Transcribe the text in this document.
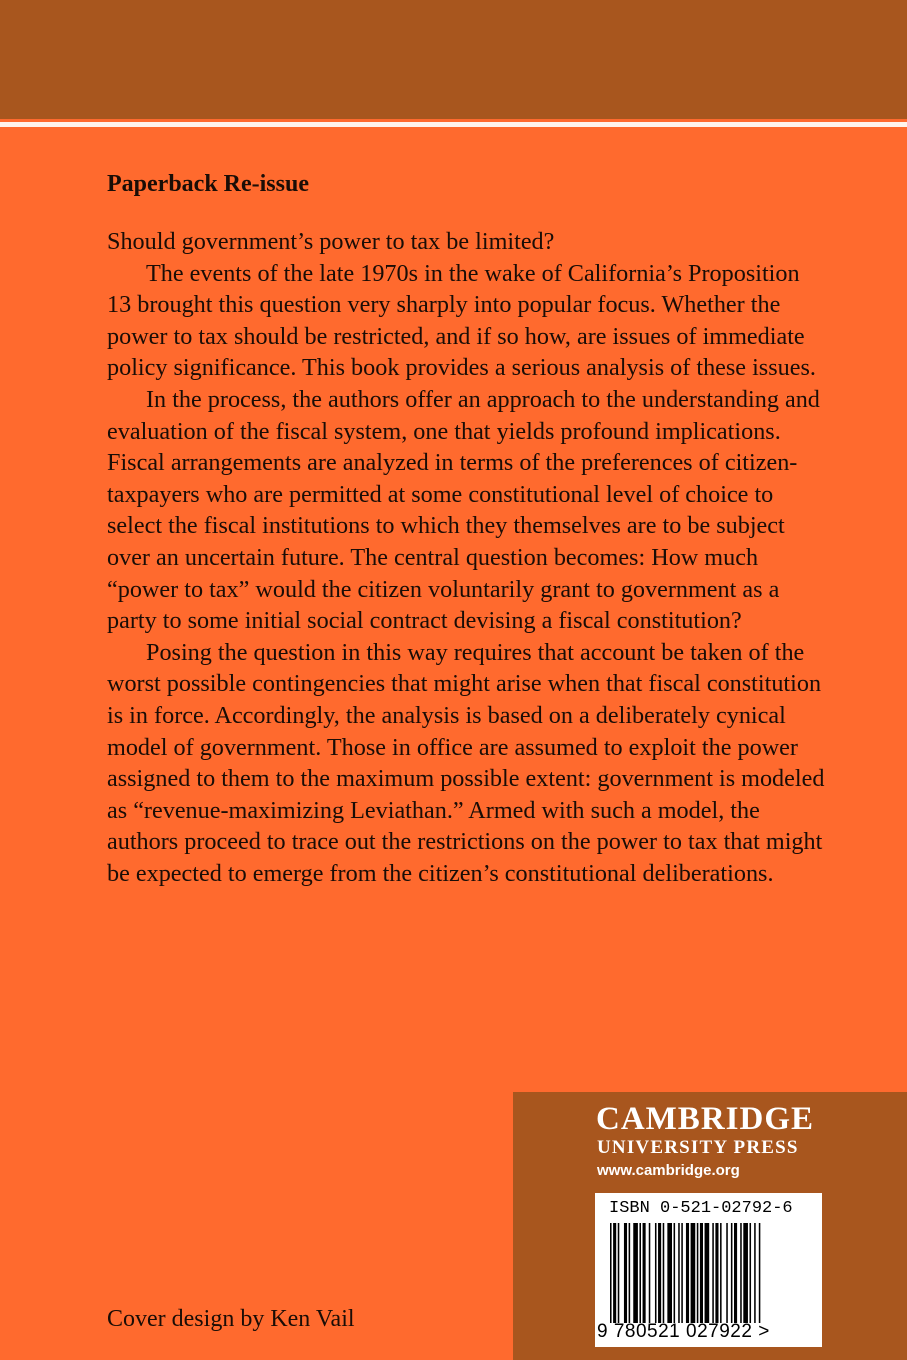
Paperback Re-issue

Should government’s power to tax be limited?

The events of the late 1970s in the wake of California’s Proposition 13 brought this question very sharply into popular focus. Whether the power to tax should be restricted, and if so how, are issues of immediate policy significance. This book provides a serious analysis of these issues.

In the process, the authors offer an approach to the understanding and evaluation of the fiscal system, one that yields profound implications. Fiscal arrangements are analyzed in terms of the preferences of citizen-taxpayers who are permitted at some constitutional level of choice to select the fiscal institutions to which they themselves are to be subject over an uncertain future. The central question becomes: How much “power to tax” would the citizen voluntarily grant to government as a party to some initial social contract devising a fiscal constitution?

Posing the question in this way requires that account be taken of the worst possible contingencies that might arise when that fiscal constitution is in force. Accordingly, the analysis is based on a deliberately cynical model of government. Those in office are assumed to exploit the power assigned to them to the maximum possible extent: government is modeled as “revenue-maximizing Leviathan.” Armed with such a model, the authors proceed to trace out the restrictions on the power to tax that might be expected to emerge from the citizen’s constitutional deliberations.

Cover design by Ken Vail
CAMBRIDGE
UNIVERSITY PRESS
www.cambridge.org
ISBN 0-521-02792-6
9 780521 027922 >
